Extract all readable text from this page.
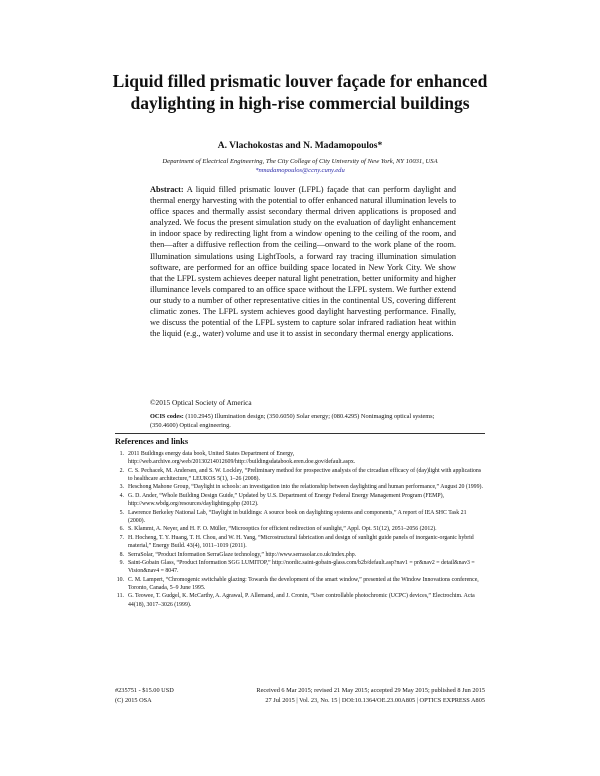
Liquid filled prismatic louver façade for enhanced daylighting in high-rise commercial buildings

A. Vlachokostas and N. Madamopoulos*

Department of Electrical Engineering, The City College of City University of New York, NY 10031, USA
*nmadamopoulos@ccny.cuny.edu

Abstract: A liquid filled prismatic louver (LFPL) façade that can perform daylight and thermal energy harvesting with the potential to offer enhanced natural illumination levels to office spaces and thermally assist secondary thermal driven applications is proposed and analyzed. We focus the present simulation study on the evaluation of daylight enhancement in indoor space by redirecting light from a window opening to the ceiling of the room, and then—after a diffusive reflection from the ceiling—onward to the work plane of the room. Illumination simulations using LightTools, a forward ray tracing illumination simulation software, are performed for an office building space located in New York City. We show that the LFPL system achieves deeper natural light penetration, better uniformity and higher illuminance levels compared to an office space without the LFPL system. We further extend our study to a number of other representative cities in the continental US, covering different climatic zones. The LFPL system achieves good daylight harvesting performance. Finally, we discuss the potential of the LFPL system to capture solar infrared radiation heat within the liquid (e.g., water) volume and use it to assist in secondary thermal energy applications.

©2015 Optical Society of America

OCIS codes: (110.2945) Illumination design; (350.6050) Solar energy; (080.4295) Nonimaging optical systems; (350.4600) Optical engineering.

References and links
1. 2011 Buildings energy data book, United States Department of Energy, http://web.archive.org/web/20130214012609/http://buildingsdatabook.eren.doe.gov/default.aspx.
2. C. S. Pechacek, M. Andersen, and S. W. Lockley, “Preliminary method for prospective analysis of the circadian efficacy of (day)light with applications to healthcare architecture,” LEUKOS 5(1), 1–26 (2008).
3. Heschong Mahone Group, “Daylight in schools: an investigation into the relationship between daylighting and human performance,” August 20 (1999).
4. G. D. Ander, “Whole Building Design Guide,” Updated by U.S. Department of Energy Federal Energy Management Program (FEMP), http://www.wbdg.org/resources/daylighting.php (2012).
5. Lawrence Berkeley National Lab, “Daylight in buildings: A source book on daylighting systems and components,” A report of IEA SHC Task 21 (2000).
6. S. Klammt, A. Neyer, and H. F. O. Müller, “Microoptics for efficient redirection of sunlight,” Appl. Opt. 51(12), 2051–2056 (2012).
7. H. Hocheng, T. Y. Huang, T. H. Chou, and W. H. Yang, “Microstructural fabrication and design of sunlight guide panels of inorganic-organic hybrid material,” Energy Build. 43(4), 1011–1019 (2011).
8. SerraSolar, “Product Information SerraGlaze technology,” http://www.serrasolar.co.uk/index.php.
9. Saint-Gobain Glass, “Product Information SGG LUMITOP,” http://nordic.saint-gobain-glass.com/b2b/default.asp?nav1 = pr&nav2 = detail&nav3 = Vision&nav4 = 8047.
10. C. M. Lampert, “Chromogenic switchable glazing: Towards the development of the smart window,” presented at the Window Innovations conference, Toronto, Canada, 5–9 June 1995.
11. G. Teowee, T. Gudgel, K. McCarthy, A. Agrawal, P. Allemand, and J. Cronin, “User controllable photochromic (UCPC) devices,” Electrochim. Acta 44(18), 3017–3026 (1999).
#235751 - $15.00 USD
(C) 2015 OSA
Received 6 Mar 2015; revised 21 May 2015; accepted 29 May 2015; published 8 Jun 2015
27 Jul 2015 | Vol. 23, No. 15 | DOI:10.1364/OE.23.00A805 | OPTICS EXPRESS A805
